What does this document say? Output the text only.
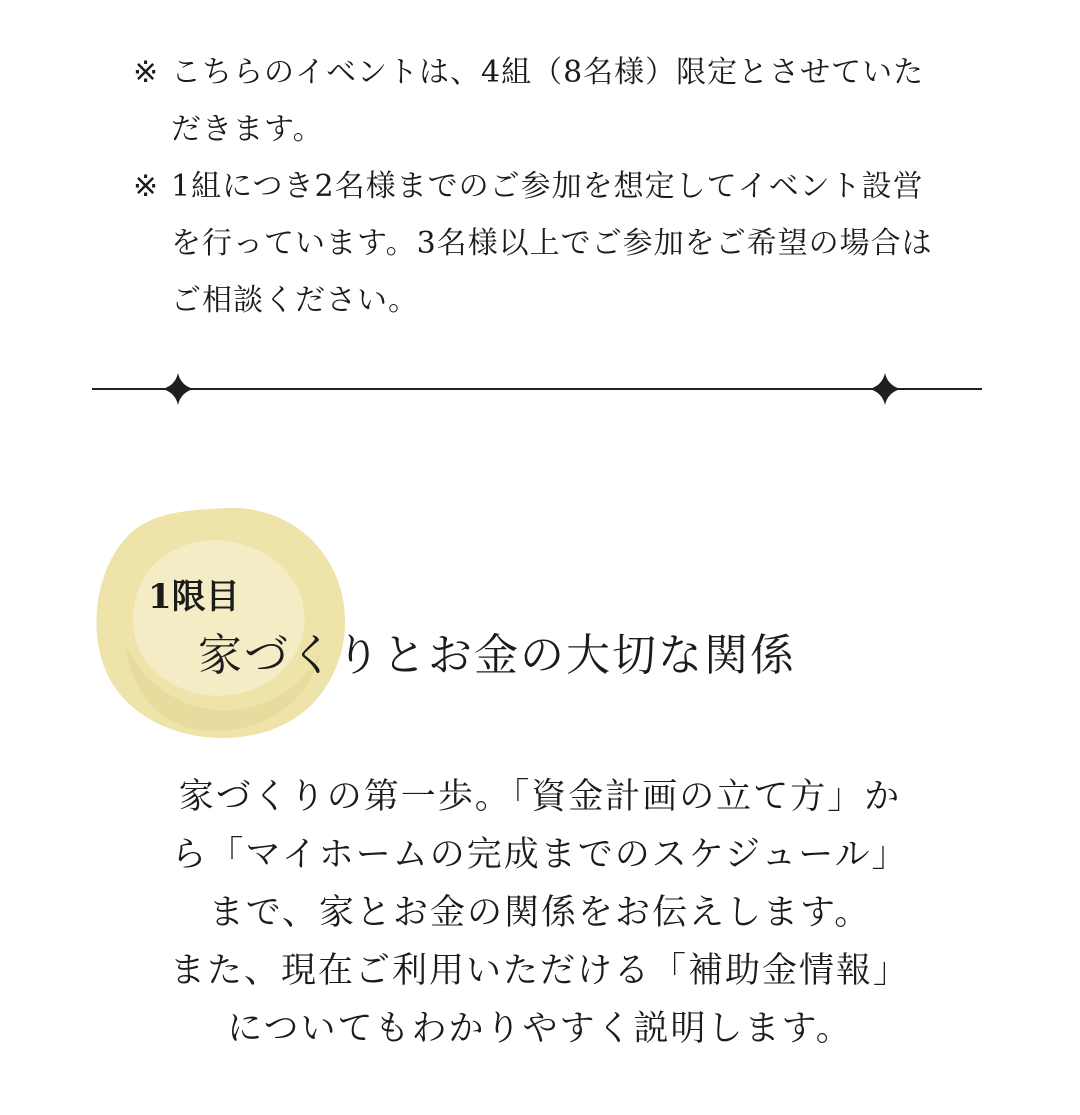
※ こちらのイベントは、4組（8名様）限定とさせていた
だきます。
※ 1組につき2名様までのご参加を想定してイベント設営
を行っています。3名様以上でご参加をご希望の場合は
ご相談ください。
1限目
家づくりとお金の大切な関係
家づくりの第一歩。「資金計画の立て方」か
ら「マイホームの完成までのスケジュール」
まで、家とお金の関係をお伝えします。
また、現在ご利用いただける「補助金情報」
についてもわかりやすく説明します。
